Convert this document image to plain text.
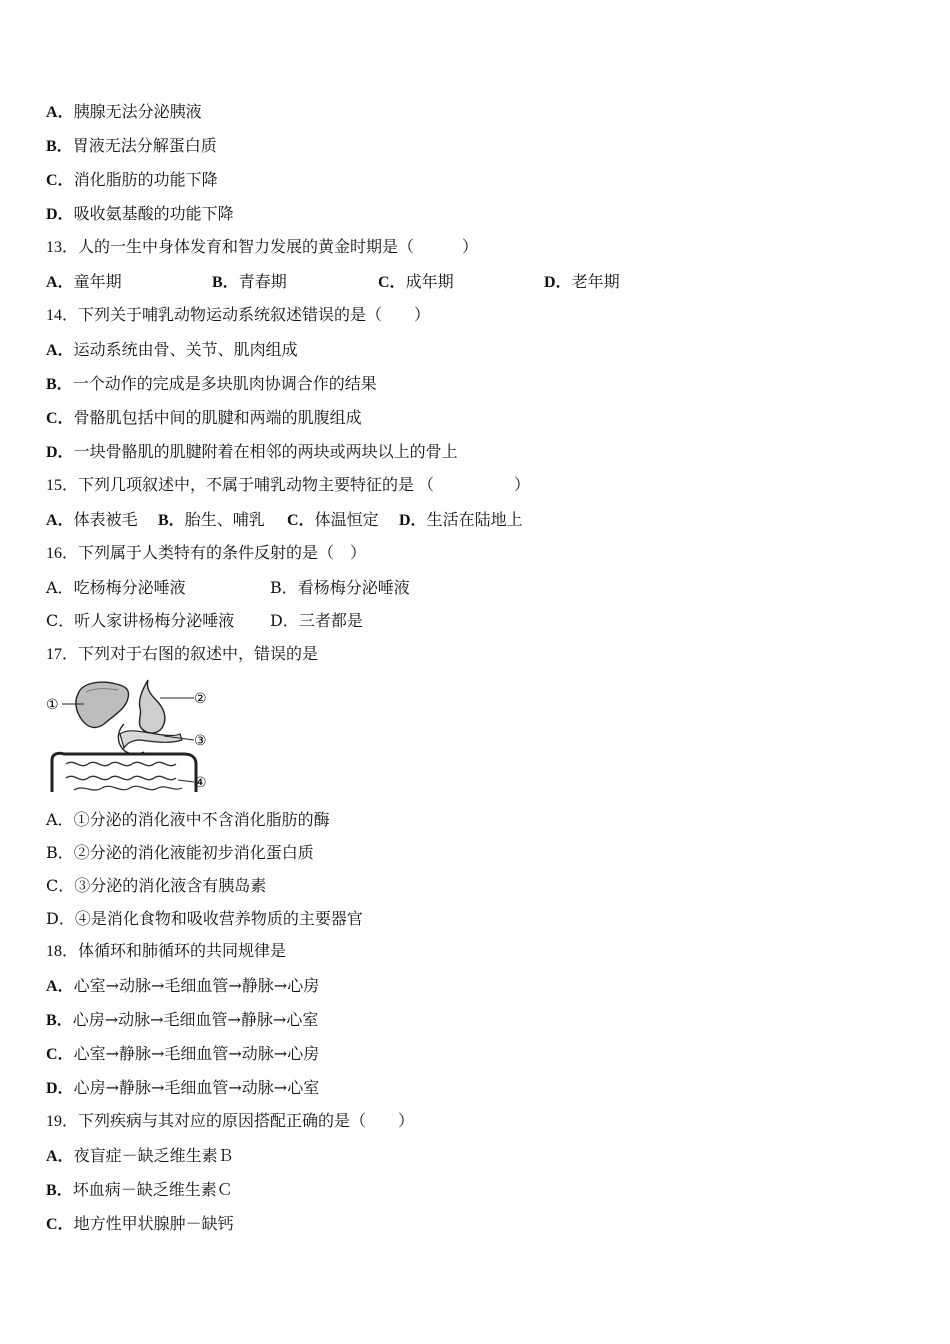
A．胰腺无法分泌胰液
B．胃液无法分解蛋白质
C．消化脂肪的功能下降
D．吸收氨基酸的功能下降
13．人的一生中身体发育和智力发展的黄金时期是（　　　）
A．童年期	B．青春期	C．成年期	D．老年期
14．下列关于哺乳动物运动系统叙述错误的是（　　）
A．运动系统由骨、关节、肌肉组成
B．一个动作的完成是多块肌肉协调合作的结果
C．骨骼肌包括中间的肌腱和两端的肌腹组成
D．一块骨骼肌的肌腱附着在相邻的两块或两块以上的骨上
15．下列几项叙述中，不属于哺乳动物主要特征的是 （　　　　　）
A．体表被毛 B．胎生、哺乳 C．体温恒定 D．生活在陆地上
16．下列属于人类特有的条件反射的是（　）
A．吃杨梅分泌唾液	B．看杨梅分泌唾液
C．听人家讲杨梅分泌唾液 D．三者都是
17．下列对于右图的叙述中，错误的是
①	②
③
④
A．①分泌的消化液中不含消化脂肪的酶
B．②分泌的消化液能初步消化蛋白质
C．③分泌的消化液含有胰岛素
D．④是消化食物和吸收营养物质的主要器官
18．体循环和肺循环的共同规律是
A．心室→动脉→毛细血管→静脉→心房
B．心房→动脉→毛细血管→静脉→心室
C．心室→静脉→毛细血管→动脉→心房
D．心房→静脉→毛细血管→动脉→心室
19．下列疾病与其对应的原因搭配正确的是（　　）
A．夜盲症－缺乏维生素Ｂ
B．坏血病－缺乏维生素Ｃ
C．地方性甲状腺肿－缺钙
